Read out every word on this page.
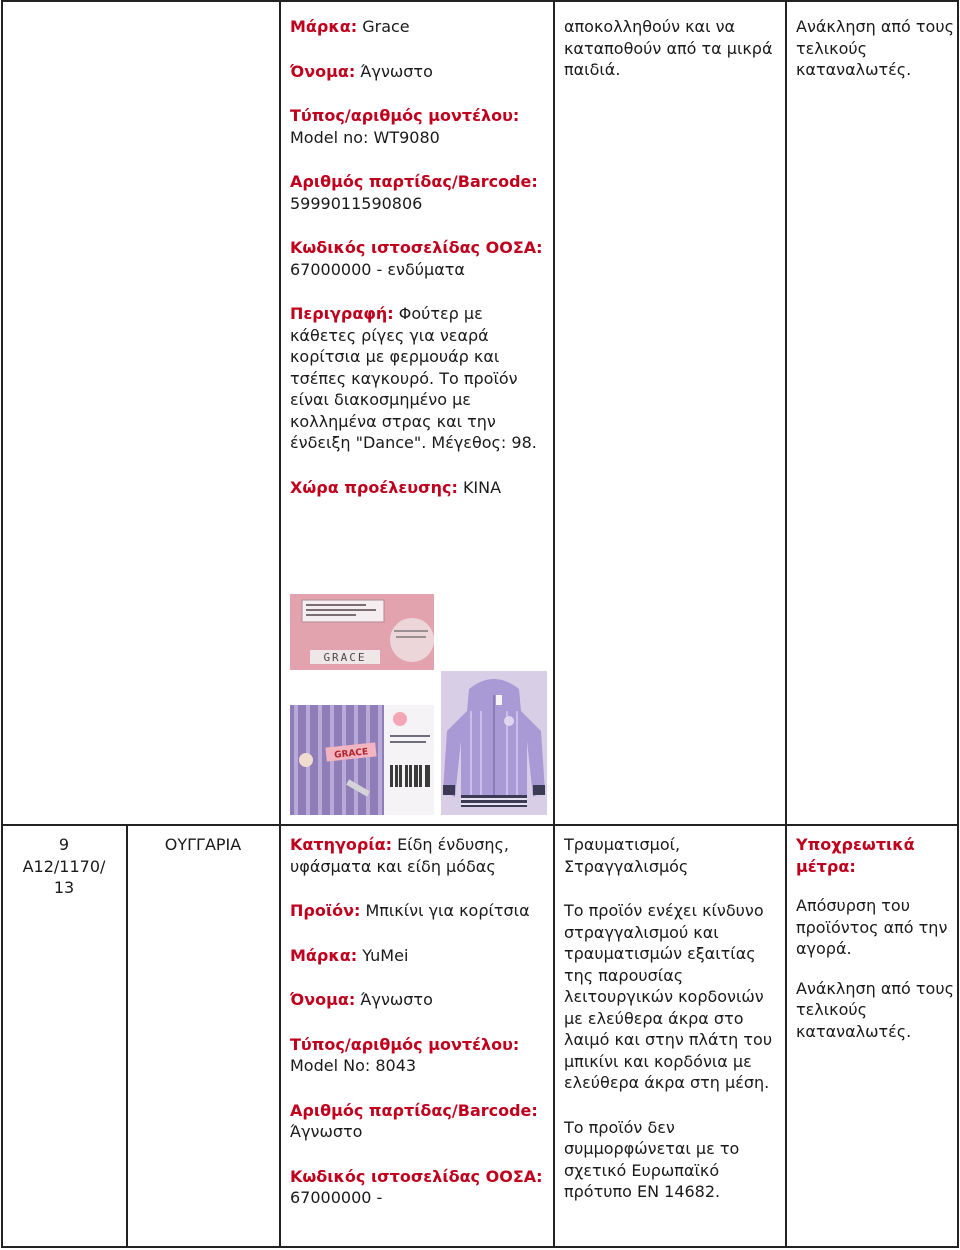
Μάρκα: Grace

Όνομα: Άγνωστο

Τύπος/αριθμός μοντέλου:
Model no: WT9080

Αριθμός παρτίδας/Barcode:
5999011590806

Κωδικός ιστοσελίδας ΟΟΣΑ: 67000000 - ενδύματα

Περιγραφή: Φούτερ με κάθετες ρίγες για νεαρά κορίτσια με φερμουάρ και τσέπες καγκουρό. Το προϊόν είναι διακοσμημένο με κολλημένα στρας και την ένδειξη "Dance". Μέγεθος: 98.

Χώρα προέλευσης: ΚΙΝΑ

GRACE
GRACE
αποκολληθούν και να καταποθούν από τα μικρά παιδιά.
Ανάκληση από τους τελικούς καταναλωτές.
9
A12/1170/ 13
ΟΥΓΓΑΡΙΑ	Κατηγορία: Είδη ένδυσης, υφάσματα και είδη μόδας

Προϊόν: Μπικίνι για κορίτσια

Μάρκα: YuMei

Όνομα: Άγνωστο

Τύπος/αριθμός μοντέλου:
Model No: 8043

Αριθμός παρτίδας/Barcode:
Άγνωστο

Κωδικός ιστοσελίδας ΟΟΣΑ: 67000000 -

Τραυματισμοί, Στραγγαλισμός

Το προϊόν ενέχει κίνδυνο στραγγαλισμού και τραυματισμών εξαιτίας της παρουσίας λειτουργικών κορδονιών με ελεύθερα άκρα στο λαιμό και στην πλάτη του μπικίνι και κορδόνια με ελεύθερα άκρα στη μέση.

Το προϊόν δεν συμμορφώνεται με το σχετικό Ευρωπαϊκό πρότυπο EN 14682.

Υποχρεωτικά μέτρα:

Απόσυρση του προϊόντος από την αγορά.

Ανάκληση από τους τελικούς καταναλωτές.
